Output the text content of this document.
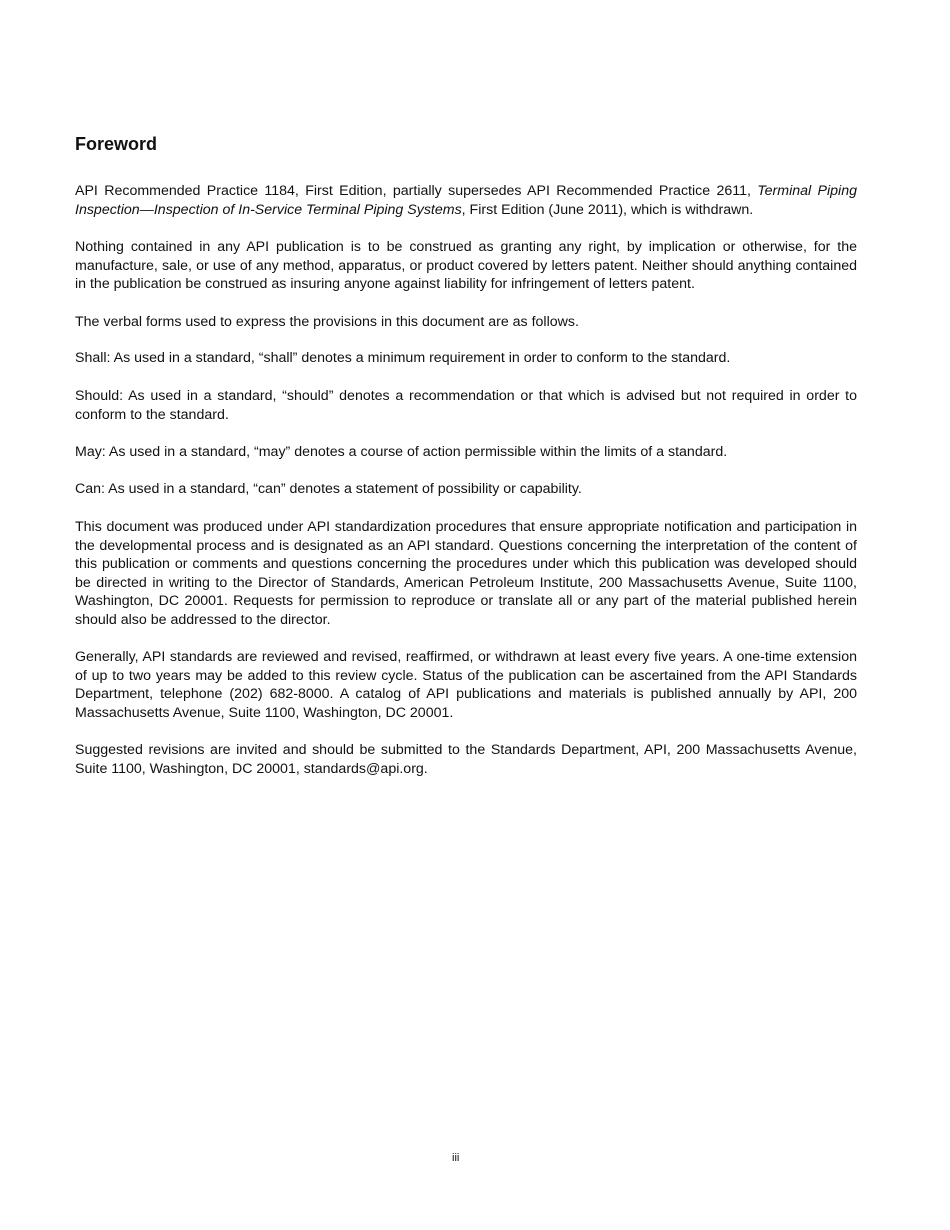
Foreword

API Recommended Practice 1184, First Edition, partially supersedes API Recommended Practice 2611, Terminal Piping Inspection—Inspection of In-Service Terminal Piping Systems, First Edition (June 2011), which is withdrawn.

Nothing contained in any API publication is to be construed as granting any right, by implication or otherwise, for the manufacture, sale, or use of any method, apparatus, or product covered by letters patent. Neither should anything contained in the publication be construed as insuring anyone against liability for infringement of letters patent.

The verbal forms used to express the provisions in this document are as follows.

Shall: As used in a standard, “shall” denotes a minimum requirement in order to conform to the standard.

Should: As used in a standard, “should” denotes a recommendation or that which is advised but not required in order to conform to the standard.

May: As used in a standard, “may” denotes a course of action permissible within the limits of a standard.

Can: As used in a standard, “can” denotes a statement of possibility or capability.

This document was produced under API standardization procedures that ensure appropriate notification and participation in the developmental process and is designated as an API standard. Questions concerning the interpretation of the content of this publication or comments and questions concerning the procedures under which this publication was developed should be directed in writing to the Director of Standards, American Petroleum Institute, 200 Massachusetts Avenue, Suite 1100, Washington, DC 20001. Requests for permission to reproduce or translate all or any part of the material published herein should also be addressed to the director.

Generally, API standards are reviewed and revised, reaffirmed, or withdrawn at least every five years. A one-time extension of up to two years may be added to this review cycle. Status of the publication can be ascertained from the API Standards Department, telephone (202) 682-8000. A catalog of API publications and materials is published annually by API, 200 Massachusetts Avenue, Suite 1100, Washington, DC 20001.

Suggested revisions are invited and should be submitted to the Standards Department, API, 200 Massachusetts Avenue, Suite 1100, Washington, DC 20001, standards@api.org.

iii
